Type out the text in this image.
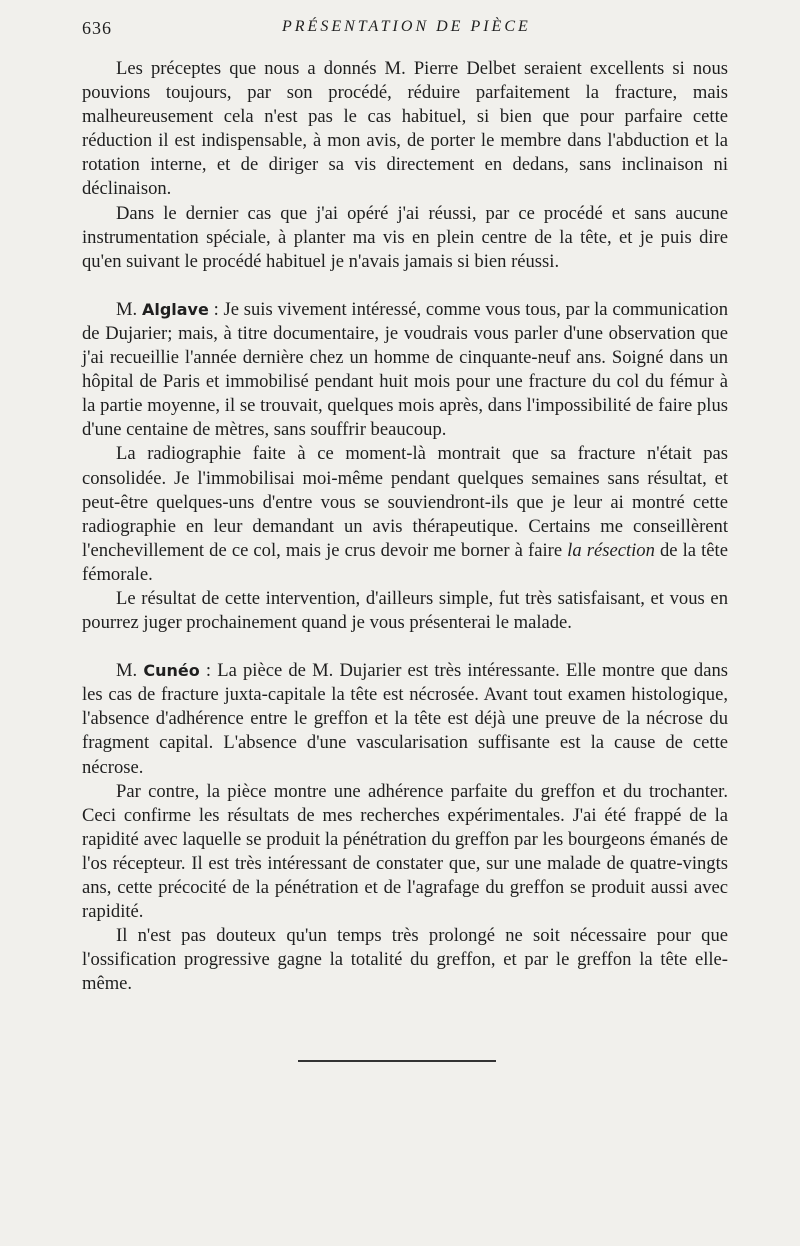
636	PRÉSENTATION DE PIÈCE

Les préceptes que nous a donnés M. Pierre Delbet seraient excellents si nous pouvions toujours, par son procédé, réduire parfaitement la fracture, mais malheureusement cela n'est pas le cas habituel, si bien que pour parfaire cette réduction il est indispensable, à mon avis, de porter le membre dans l'abduction et la rotation interne, et de diriger sa vis directement en dedans, sans inclinaison ni déclinaison.

Dans le dernier cas que j'ai opéré j'ai réussi, par ce procédé et sans aucune instrumentation spéciale, à planter ma vis en plein centre de la tête, et je puis dire qu'en suivant le procédé habituel je n'avais jamais si bien réussi.

M. Alglave : Je suis vivement intéressé, comme vous tous, par la communication de Dujarier; mais, à titre documentaire, je voudrais vous parler d'une observation que j'ai recueillie l'année dernière chez un homme de cinquante-neuf ans. Soigné dans un hôpital de Paris et immobilisé pendant huit mois pour une fracture du col du fémur à la partie moyenne, il se trouvait, quelques mois après, dans l'impossibilité de faire plus d'une centaine de mètres, sans souffrir beaucoup.

La radiographie faite à ce moment-là montrait que sa fracture n'était pas consolidée. Je l'immobilisai moi-même pendant quelques semaines sans résultat, et peut-être quelques-uns d'entre vous se souviendront-ils que je leur ai montré cette radiographie en leur demandant un avis thérapeutique. Certains me conseillèrent l'enchevillement de ce col, mais je crus devoir me borner à faire la résection de la tête fémorale.

Le résultat de cette intervention, d'ailleurs simple, fut très satisfaisant, et vous en pourrez juger prochainement quand je vous présenterai le malade.

M. Cunéo : La pièce de M. Dujarier est très intéressante. Elle montre que dans les cas de fracture juxta-capitale la tête est nécrosée. Avant tout examen histologique, l'absence d'adhérence entre le greffon et la tête est déjà une preuve de la nécrose du fragment capital. L'absence d'une vascularisation suffisante est la cause de cette nécrose.

Par contre, la pièce montre une adhérence parfaite du greffon et du trochanter. Ceci confirme les résultats de mes recherches expérimentales. J'ai été frappé de la rapidité avec laquelle se produit la pénétration du greffon par les bourgeons émanés de l'os récepteur. Il est très intéressant de constater que, sur une malade de quatre-vingts ans, cette précocité de la pénétration et de l'agrafage du greffon se produit aussi avec rapidité.

Il n'est pas douteux qu'un temps très prolongé ne soit nécessaire pour que l'ossification progressive gagne la totalité du greffon, et par le greffon la tête elle-même.
